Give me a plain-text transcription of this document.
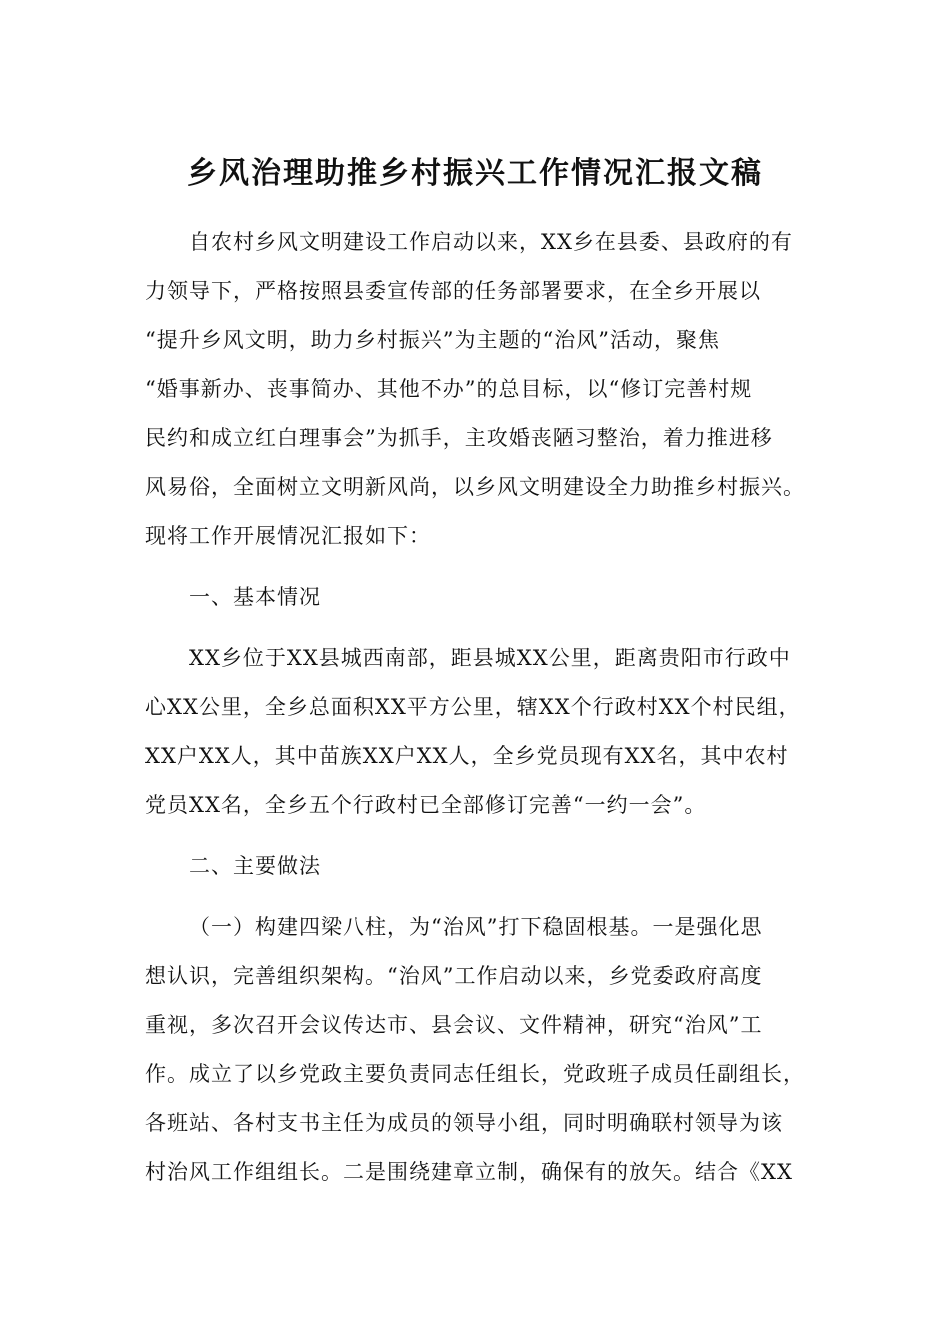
乡风治理助推乡村振兴工作情况汇报文稿
自农村乡风文明建设工作启动以来，XX乡在县委、县政府的有
力领导下，严格按照县委宣传部的任务部署要求，在全乡开展以
“提升乡风文明，助力乡村振兴”为主题的“治风”活动，聚焦
“婚事新办、丧事简办、其他不办”的总目标，以“修订完善村规
民约和成立红白理事会”为抓手，主攻婚丧陋习整治，着力推进移
风易俗，全面树立文明新风尚，以乡风文明建设全力助推乡村振兴。
现将工作开展情况汇报如下：
一、基本情况
XX乡位于XX县城西南部，距县城XX公里，距离贵阳市行政中
心XX公里，全乡总面积XX平方公里，辖XX个行政村XX个村民组，
XX户XX人，其中苗族XX户XX人，全乡党员现有XX名，其中农村
党员XX名，全乡五个行政村已全部修订完善“一约一会”。
二、主要做法
（一）构建四梁八柱，为“治风”打下稳固根基。一是强化思
想认识，完善组织架构。“治风”工作启动以来，乡党委政府高度
重视，多次召开会议传达市、县会议、文件精神，研究“治风”工
作。成立了以乡党政主要负责同志任组长，党政班子成员任副组长，
各班站、各村支书主任为成员的领导小组，同时明确联村领导为该
村治风工作组组长。二是围绕建章立制，确保有的放矢。结合《XX
